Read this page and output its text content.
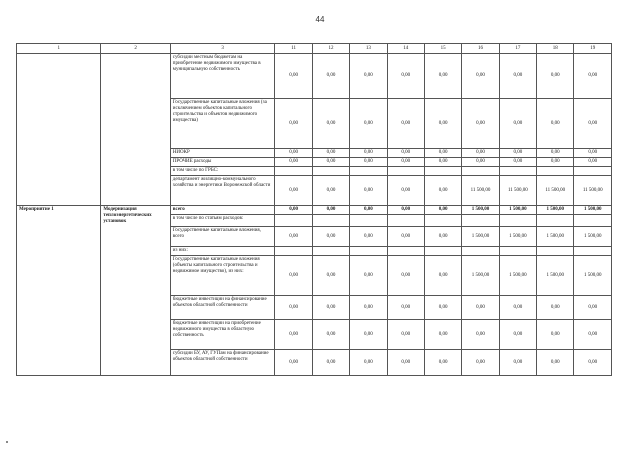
44
1	2	3	11	12	13	14	15	16	17	18	19
		субсидии местным бюджетам на приобретение недвижимого имущества в муниципальную собственность	0,00	0,00	0,00	0,00	0,00	0,00	0,00	0,00	0,00
		Государственные капитальные вложения (за исключением объектов капитального строительства и объектов недвижимого имущества)	0,00	0,00	0,00	0,00	0,00	0,00	0,00	0,00	0,00
		НИОКР	0,00	0,00	0,00	0,00	0,00	0,00	0,00	0,00	0,00
		ПРОЧИЕ расходы	0,00	0,00	0,00	0,00	0,00	0,00	0,00	0,00	0,00
		в том числе по ГРБС:									
		департамент жилищно-коммунального хозяйства и энергетики Воронежской области	0,00	0,00	0,00	0,00	0,00	11 500,00	11 500,00	11 500,00	11 500,00
Мероприятие 1	Модернизация теплоэнергетических установок	всего	0,00	0,00	0,00	0,00	0,00	1 500,00	1 500,00	1 500,00	1 500,00
		в том числе по статьям расходов:									
		Государственные капитальные вложения, всего	0,00	0,00	0,00	0,00	0,00	1 500,00	1 500,00	1 500,00	1 500,00
		из них:									
		Государственные капитальные вложения (объекты капитального строительства и недвижимое имущество), из них:	0,00	0,00	0,00	0,00	0,00	1 500,00	1 500,00	1 500,00	1 500,00
		бюджетные инвестиции на финансирование объектов областной собственности	0,00	0,00	0,00	0,00	0,00	0,00	0,00	0,00	0,00
		бюджетные инвестиции на приобретение недвижимого имущества в областную собственность	0,00	0,00	0,00	0,00	0,00	0,00	0,00	0,00	0,00
		субсидии БУ, АУ, ГУПам на финансирование объектов областной собственности	0,00	0,00	0,00	0,00	0,00	0,00	0,00	0,00	0,00
